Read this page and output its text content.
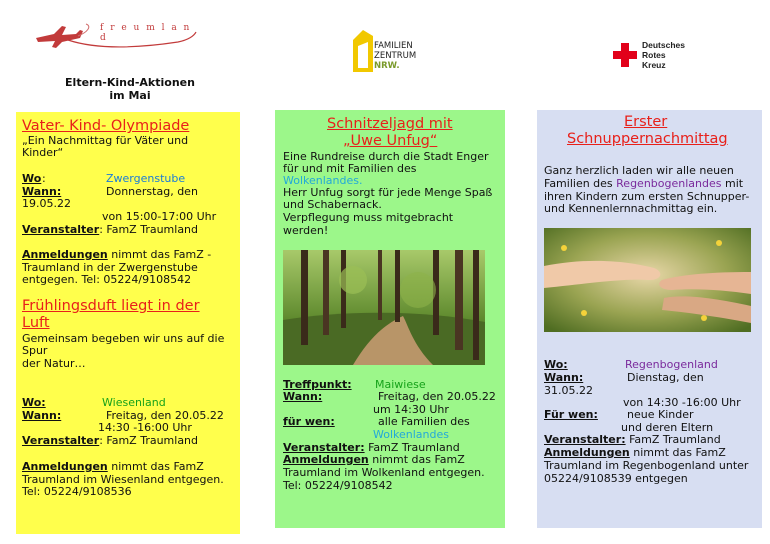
f r e u m l a n d
FAMILIEN
ZENTRUM
NRW.
Deutsches
Rotes
Kreuz
Eltern-Kind-Aktionen
im Mai
Vater- Kind- Olympiade
„Ein Nachmittag für Väter und
Kinder“
Wo :	Zwergenstube
Wann:	Donnerstag, den
19.05.22
von 15:00-17:00 Uhr
Veranstalter: FamZ Traumland
Anmeldungen nimmt das FamZ -
Traumland in der Zwergenstube
entgegen. Tel: 05224/9108542
Frühlingsduft liegt in der
Luft
Gemeinsam begeben wir uns auf die
Spur
der Natur…
Wo:	Wiesenland
Wann:	Freitag, den 20.05.22
14:30 -16:00 Uhr
Veranstalter: FamZ Traumland
Anmeldungen nimmt das FamZ
Traumland im Wiesenland entgegen.
Tel: 05224/9108536
Schnitzeljagd mit
„Uwe Unfug“
Eine Rundreise durch die Stadt Enger
für und mit Familien des
Wolkenlandes.
Herr Unfug sorgt für jede Menge Spaß
und Schabernack.
Verpflegung muss mitgebracht
werden!
Treffpunkt: Maiwiese
Wann:	Freitag, den 20.05.22
um 14:30 Uhr
für wen:	alle Familien des
Wolkenlandes
Veranstalter: FamZ Traumland
Anmeldungen nimmt das FamZ
Traumland im Wolkenland entgegen.
Tel: 05224/9108542
Erster
Schnuppernachmittag
Ganz herzlich laden wir alle neuen
Familien des Regenbogenlandes mit
ihren Kindern zum ersten Schnupper-
und Kennenlernnachmittag ein.
Wo:	Regenbogenland
Wann:	Dienstag, den
31.05.22
von 14:30 -16:00 Uhr
Für wen:	neue Kinder
und deren Eltern
Veranstalter: FamZ Traumland
Anmeldungen nimmt das FamZ
Traumland im Regenbogenland unter
05224/9108539 entgegen
